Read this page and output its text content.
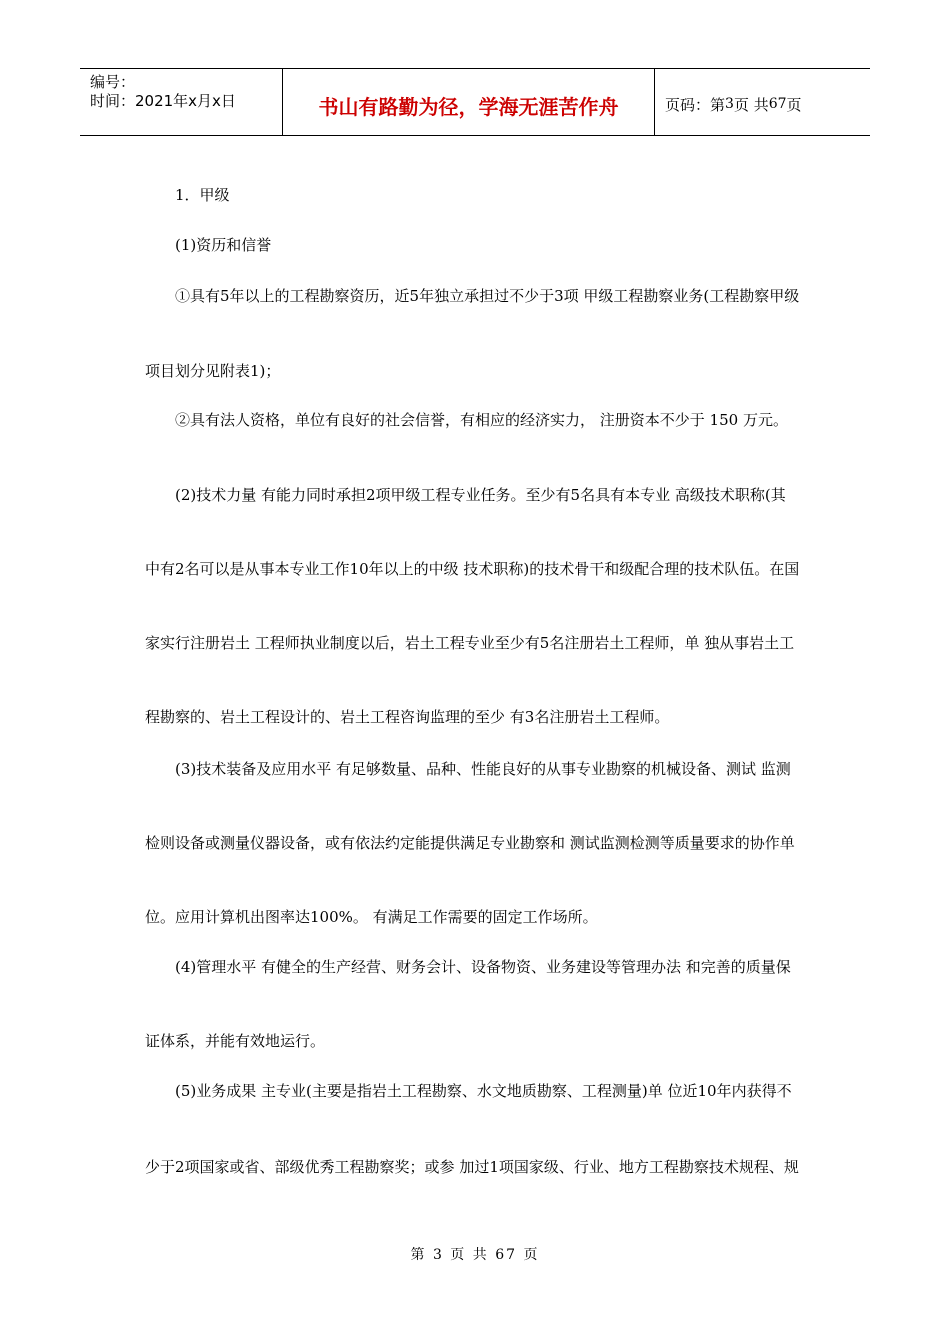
编号：
时间：2021年x月x日	书山有路勤为径，学海无涯苦作舟	页码：第 3 页 共 67 页
1．甲级
(1)资历和信誉
①具有5年以上的工程勘察资历，近5年独立承担过不少于3项 甲级工程勘察业务(工程勘察甲级
项目划分见附表1)；
②具有法人资格，单位有良好的社会信誉，有相应的经济实力， 注册资本不少于 150 万元。
(2)技术力量 有能力同时承担2项甲级工程专业任务。至少有5名具有本专业 高级技术职称(其
中有2名可以是从事本专业工作10年以上的中级 技术职称)的技术骨干和级配合理的技术队伍。在国
家实行注册岩土 工程师执业制度以后，岩土工程专业至少有5名注册岩土工程师，单 独从事岩土工
程勘察的、岩土工程设计的、岩土工程咨询监理的至少 有3名注册岩土工程师。
(3)技术装备及应用水平 有足够数量、品种、性能良好的从事专业勘察的机械设备、测试 监测
检则设备或测量仪器设备，或有依法约定能提供满足专业勘察和 测试监测检测等质量要求的协作单
位。应用计算机出图率达100%。 有满足工作需要的固定工作场所。
(4)管理水平 有健全的生产经营、财务会计、设备物资、业务建设等管理办法 和完善的质量保
证体系，并能有效地运行。
(5)业务成果 主专业(主要是指岩土工程勘察、水文地质勘察、工程测量)单 位近10年内获得不
少于2项国家或省、部级优秀工程勘察奖；或参 加过1项国家级、行业、地方工程勘察技术规程、规
第 3 页 共 67 页
